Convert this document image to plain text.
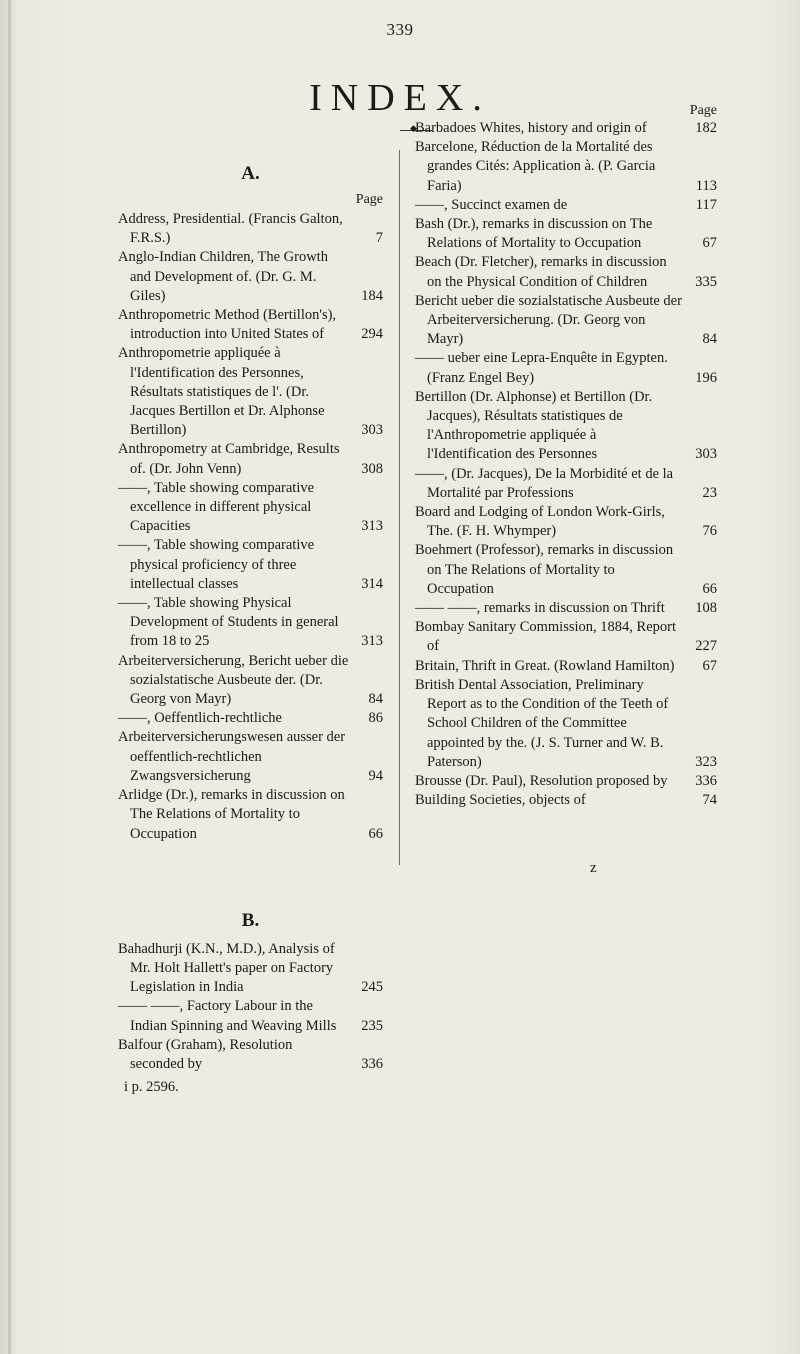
339
INDEX.
◆
A.
Page
Address, Presidential. (Francis Galton, F.R.S.)	7
Anglo-Indian Children, The Growth and Development of. (Dr. G. M. Giles)	184
Anthropometric Method (Bertillon's), introduction into United States of	294
Anthropometrie appliquée à l'Identification des Personnes, Résultats statistiques de l'. (Dr. Jacques Bertillon et Dr. Alphonse Bertillon)	303
Anthropometry at Cambridge, Results of. (Dr. John Venn)	308
——, Table showing comparative excellence in different physical Capacities	313
——, Table showing comparative physical proficiency of three intellectual classes	314
——, Table showing Physical Development of Students in general from 18 to 25	313
Arbeiterversicherung, Bericht ueber die sozialstatische Ausbeute der. (Dr. Georg von Mayr)	84
——, Oeffentlich-rechtliche	86
Arbeiterversicherungswesen ausser der oeffentlich-rechtlichen Zwangsversicherung	94
Arlidge (Dr.), remarks in discussion on The Relations of Mortality to Occupation	66
B.
Bahadhurji (K.N., M.D.), Analysis of Mr. Holt Hallett's paper on Factory Legislation in India	245
—— ——, Factory Labour in the Indian Spinning and Weaving Mills	235
Balfour (Graham), Resolution seconded by	336
i p. 2596.
Page
Barbadoes Whites, history and origin of	182
Barcelone, Réduction de la Mortalité des grandes Cités: Application à. (P. Garcia Faria)	113
——, Succinct examen de	117
Bash (Dr.), remarks in discussion on The Relations of Mortality to Occupation	67
Beach (Dr. Fletcher), remarks in discussion on the Physical Condition of Children	335
Bericht ueber die sozialstatische Ausbeute der Arbeiterversicherung. (Dr. Georg von Mayr)	84
—— ueber eine Lepra-Enquête in Egypten. (Franz Engel Bey)	196
Bertillon (Dr. Alphonse) et Bertillon (Dr. Jacques), Résultats statistiques de l'Anthropometrie appliquée à l'Identification des Personnes	303
——, (Dr. Jacques), De la Morbidité et de la Mortalité par Professions	23
Board and Lodging of London Work-Girls, The. (F. H. Whymper)	76
Boehmert (Professor), remarks in discussion on The Relations of Mortality to Occupation	66
—— ——, remarks in discussion on Thrift	108
Bombay Sanitary Commission, 1884, Report of	227
Britain, Thrift in Great. (Rowland Hamilton)	67
British Dental Association, Preliminary Report as to the Condition of the Teeth of School Children of the Committee appointed by the. (J. S. Turner and W. B. Paterson)	323
Brousse (Dr. Paul), Resolution proposed by	336
Building Societies, objects of	74
z
